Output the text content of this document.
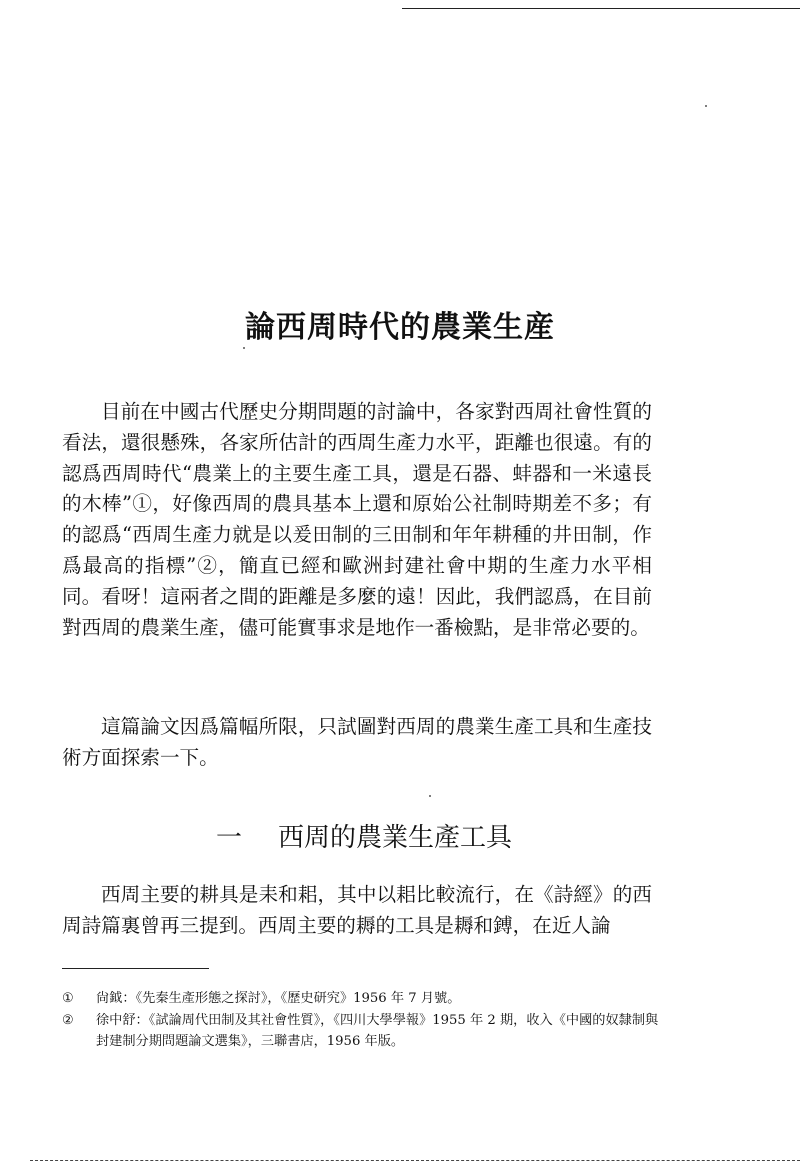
論西周時代的農業生産

目前在中國古代歷史分期問題的討論中，各家對西周社會性質的看法，還很懸殊，各家所估計的西周生產力水平，距離也很遠。有的認爲西周時代“農業上的主要生產工具，還是石器、蚌器和一米遠長的木棒”①，好像西周的農具基本上還和原始公社制時期差不多；有的認爲“西周生產力就是以爰田制的三田制和年年耕種的井田制，作爲最高的指標”②，簡直已經和歐洲封建社會中期的生產力水平相同。看呀！這兩者之間的距離是多麼的遠！因此，我們認爲，在目前對西周的農業生產，儘可能實事求是地作一番檢點，是非常必要的。

一 西周的農業生產工具

這篇論文因爲篇幅所限，只試圖對西周的農業生產工具和生產技術方面探索一下。

西周主要的耕具是耒和耜，其中以耜比較流行，在《詩經》的西周詩篇裏曾再三提到。西周主要的耨的工具是耨和鎛，在近人論

① 尙鉞：《先秦生產形態之探討》，《歷史研究》1956 年 7 月號。
② 徐中舒：《試論周代田制及其社會性質》，《四川大學學報》1955 年 2 期，收入《中國的奴隸制與封建制分期問題論文選集》，三聯書店，1956 年版。
